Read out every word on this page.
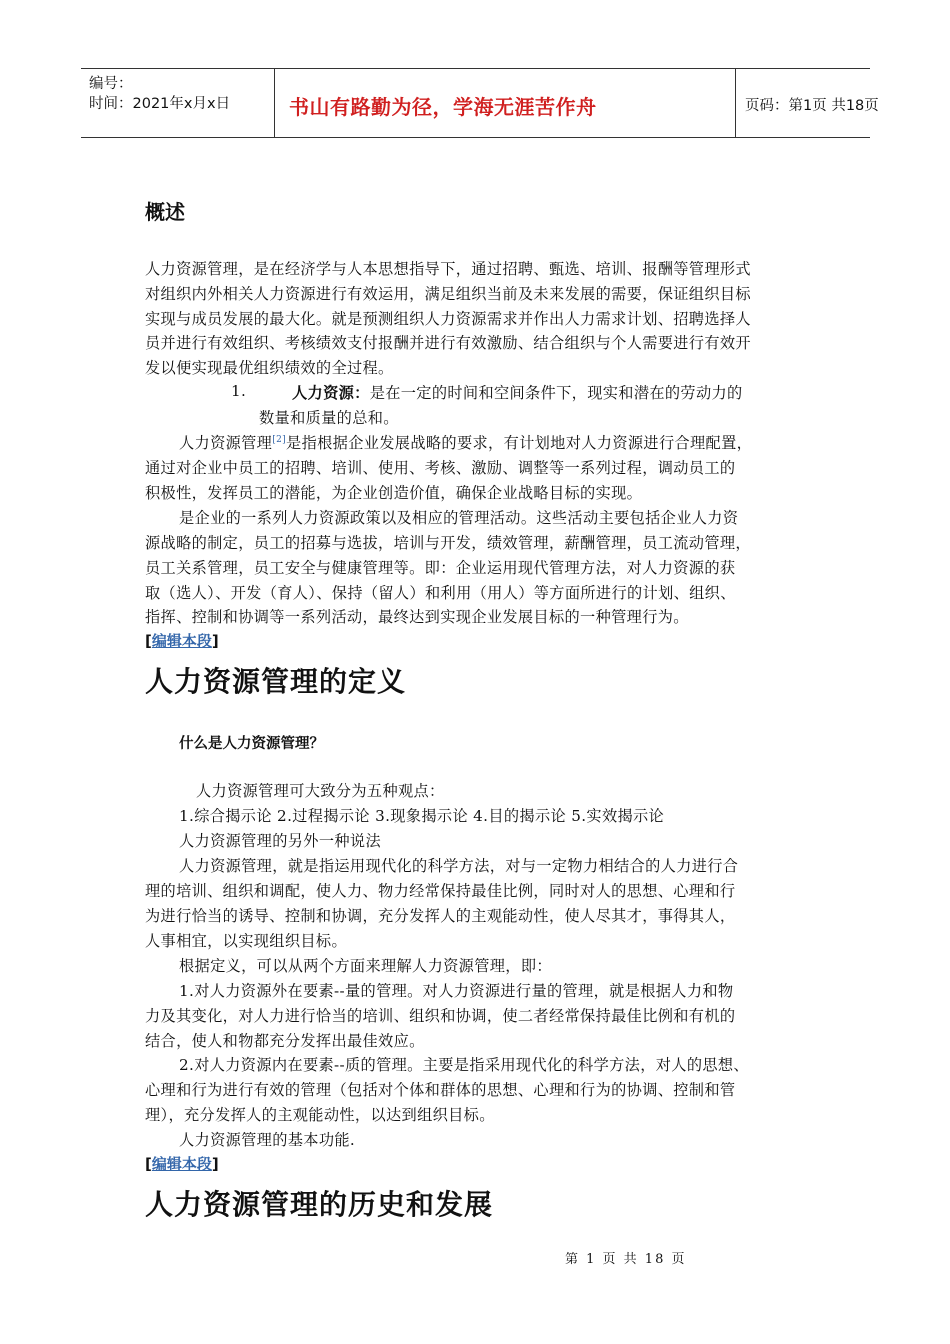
编号：
时间：2021年x月x日	书山有路勤为径，学海无涯苦作舟	页码：第1页 共18页
概述
人力资源管理，是在经济学与人本思想指导下，通过招聘、甄选、培训、报酬等管理形式
对组织内外相关人力资源进行有效运用，满足组织当前及未来发展的需要，保证组织目标
实现与成员发展的最大化。就是预测组织人力资源需求并作出人力需求计划、招聘选择人
员并进行有效组织、考核绩效支付报酬并进行有效激励、结合组织与个人需要进行有效开
发以便实现最优组织绩效的全过程。
1.	人力资源：是在一定的时间和空间条件下，现实和潜在的劳动力的
数量和质量的总和。
人力资源管理[2]是指根据企业发展战略的要求，有计划地对人力资源进行合理配置，
通过对企业中员工的招聘、培训、使用、考核、激励、调整等一系列过程，调动员工的
积极性，发挥员工的潜能，为企业创造价值，确保企业战略目标的实现。
是企业的一系列人力资源政策以及相应的管理活动。这些活动主要包括企业人力资
源战略的制定，员工的招募与选拔，培训与开发，绩效管理，薪酬管理，员工流动管理，
员工关系管理，员工安全与健康管理等。即：企业运用现代管理方法，对人力资源的获
取（选人）、开发（育人）、保持（留人）和利用（用人）等方面所进行的计划、组织、
指挥、控制和协调等一系列活动，最终达到实现企业发展目标的一种管理行为。
[编辑本段]
人力资源管理的定义
什么是人力资源管理？
人力资源管理可大致分为五种观点：
1.综合揭示论 2.过程揭示论 3.现象揭示论 4.目的揭示论 5.实效揭示论
人力资源管理的另外一种说法
人力资源管理，就是指运用现代化的科学方法，对与一定物力相结合的人力进行合
理的培训、组织和调配，使人力、物力经常保持最佳比例，同时对人的思想、心理和行
为进行恰当的诱导、控制和协调，充分发挥人的主观能动性，使人尽其才，事得其人，
人事相宜，以实现组织目标。
根据定义，可以从两个方面来理解人力资源管理，即：
1.对人力资源外在要素--量的管理。对人力资源进行量的管理，就是根据人力和物
力及其变化，对人力进行恰当的培训、组织和协调，使二者经常保持最佳比例和有机的
结合，使人和物都充分发挥出最佳效应。
2.对人力资源内在要素--质的管理。主要是指采用现代化的科学方法，对人的思想、
心理和行为进行有效的管理（包括对个体和群体的思想、心理和行为的协调、控制和管
理），充分发挥人的主观能动性，以达到组织目标。
人力资源管理的基本功能.
[编辑本段]
人力资源管理的历史和发展
第 1 页 共 18 页
